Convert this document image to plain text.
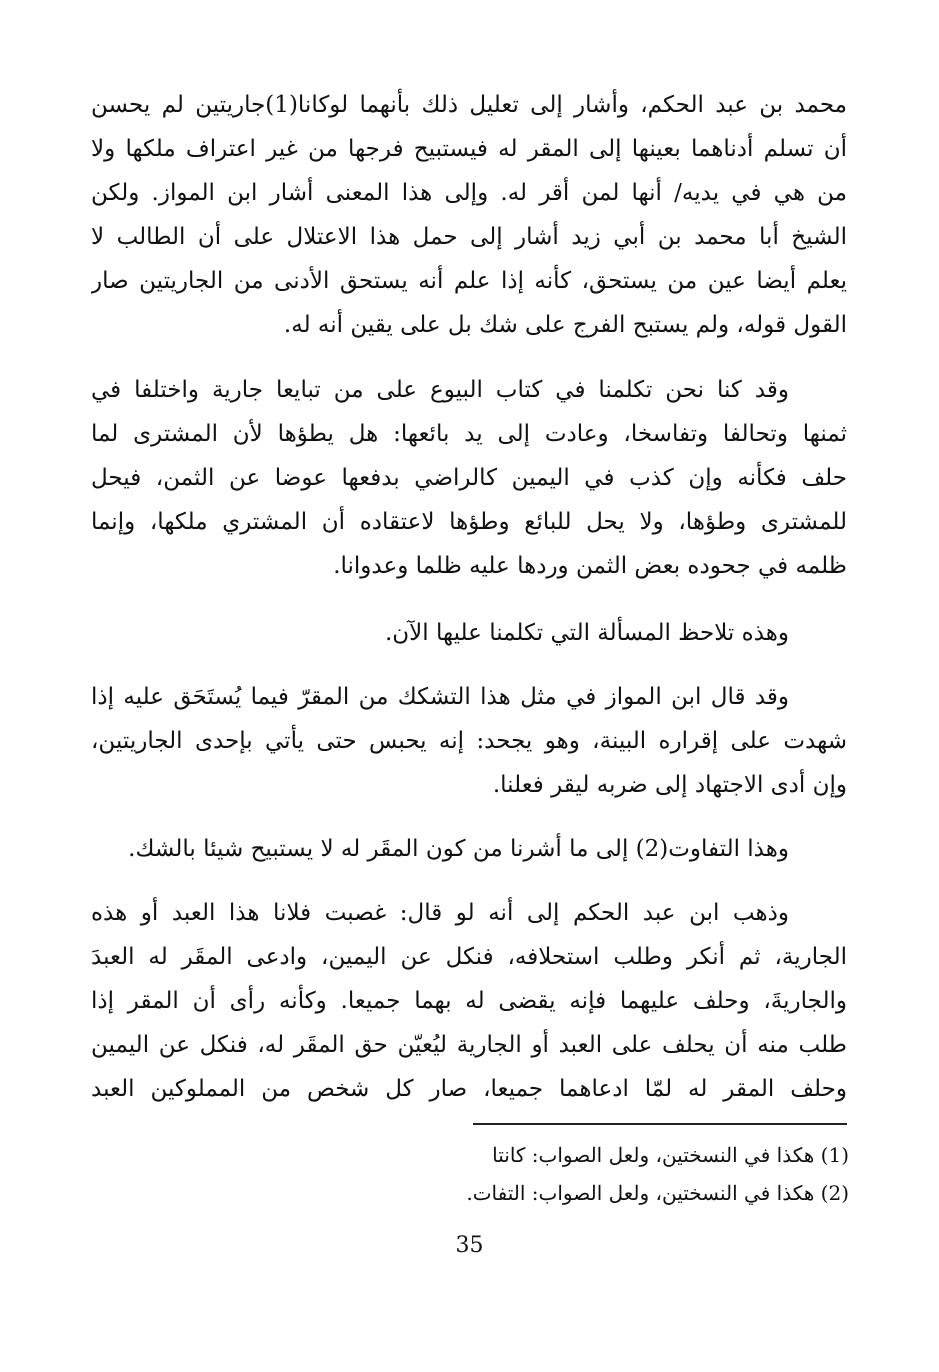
محمد بن عبد الحكم، وأشار إلى تعليل ذلك بأنهما لوكانا(1)جاريتين لم يحسن
أن تسلم أدناهما بعينها إلى المقر له فيستبيح فرجها من غير اعتراف ملكها ولا
من هي في يديه/ أنها لمن أقر له. وإلى هذا المعنى أشار ابن المواز. ولكن
الشيخ أبا محمد بن أبي زيد أشار إلى حمل هذا الاعتلال على أن الطالب لا
يعلم أيضا عين من يستحق، كأنه إذا علم أنه يستحق الأدنى من الجاريتين صار
القول قوله، ولم يستبح الفرج على شك بل على يقين أنه له.
وقد كنا نحن تكلمنا في كتاب البيوع على من تبايعا جارية واختلفا في
ثمنها وتحالفا وتفاسخا، وعادت إلى يد بائعها: هل يطؤها لأن المشترى لما
حلف فكأنه وإن كذب في اليمين كالراضي بدفعها عوضا عن الثمن، فيحل
للمشترى وطؤها، ولا يحل للبائع وطؤها لاعتقاده أن المشتري ملكها، وإنما
ظلمه في جحوده بعض الثمن وردها عليه ظلما وعدوانا.
وهذه تلاحظ المسألة التي تكلمنا عليها الآن.
وقد قال ابن المواز في مثل هذا التشكك من المقرّ فيما يُستَحَق عليه إذا
شهدت على إقراره البينة، وهو يجحد: إنه يحبس حتى يأتي بإحدى الجاريتين،
وإن أدى الاجتهاد إلى ضربه ليقر فعلنا.
وهذا التفاوت(2) إلى ما أشرنا من كون المقَر له لا يستبيح شيئا بالشك.
وذهب ابن عبد الحكم إلى أنه لو قال: غصبت فلانا هذا العبد أو هذه
الجارية، ثم أنكر وطلب استحلافه، فنكل عن اليمين، وادعى المقَر له العبدَ
والجاريةَ، وحلف عليهما فإنه يقضى له بهما جميعا. وكأنه رأى أن المقر إذا
طلب منه أن يحلف على العبد أو الجارية ليُعيّن حق المقَر له، فنكل عن اليمين
وحلف المقر له لمّا ادعاهما جميعا، صار كل شخص من المملوكين العبد
(1) هكذا في النسختين، ولعل الصواب: كانتا
(2) هكذا في النسختين، ولعل الصواب: التفات.
35
